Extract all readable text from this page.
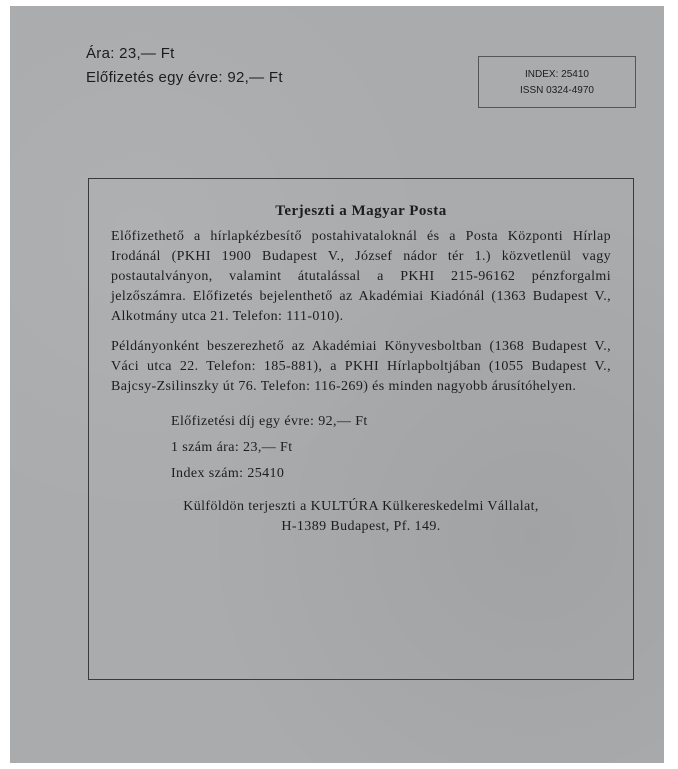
Ára: 23,— Ft
Előfizetés egy évre: 92,— Ft	INDEX: 25410
ISSN 0324-4970
Terjeszti a Magyar Posta

Előfizethető a hírlapkézbesítő postahivataloknál és a Posta Központi Hírlap Irodánál (PKHI 1900 Budapest V., József nádor tér 1.) közvetlenül vagy postautalványon, valamint átutalással a PKHI 215-96162 pénzforgalmi jelzőszámra. Előfizetés bejelenthető az Akadémiai Kiadónál (1363 Budapest V., Alkotmány utca 21. Telefon: 111-010).

Példányonként beszerezhető az Akadémiai Könyvesboltban (1368 Budapest V., Váci utca 22. Telefon: 185-881), a PKHI Hírlapboltjában (1055 Budapest V., Bajcsy-Zsilinszky út 76. Telefon: 116-269) és minden nagyobb árusítóhelyen.

Előfizetési díj egy évre: 92,— Ft
1 szám ára: 23,— Ft
Index szám: 25410
Külföldön terjeszti a KULTÚRA Külkereskedelmi Vállalat,
H-1389 Budapest, Pf. 149.
